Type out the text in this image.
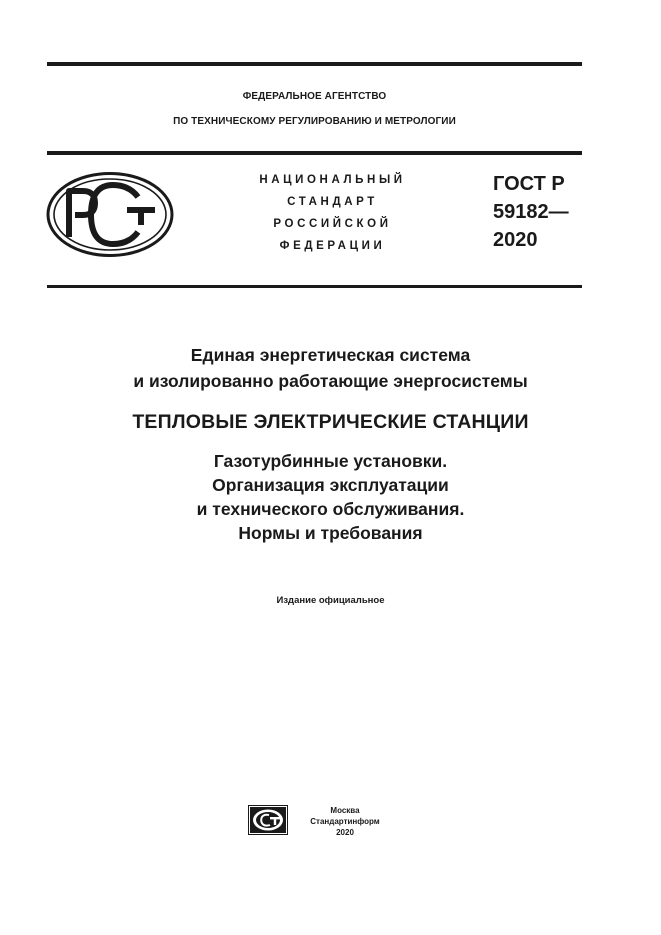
ФЕДЕРАЛЬНОЕ АГЕНТСТВО
ПО ТЕХНИЧЕСКОМУ РЕГУЛИРОВАНИЮ И МЕТРОЛОГИИ
НАЦИОНАЛЬНЫЙ
СТАНДАРТ
РОССИЙСКОЙ
ФЕДЕРАЦИИ
ГОСТ Р
59182—
2020
Единая энергетическая система
и изолированно работающие энергосистемы
ТЕПЛОВЫЕ ЭЛЕКТРИЧЕСКИЕ СТАНЦИИ
Газотурбинные установки.
Организация эксплуатации
и технического обслуживания.
Нормы и требования
Издание официальное
Москва
Стандартинформ
2020
